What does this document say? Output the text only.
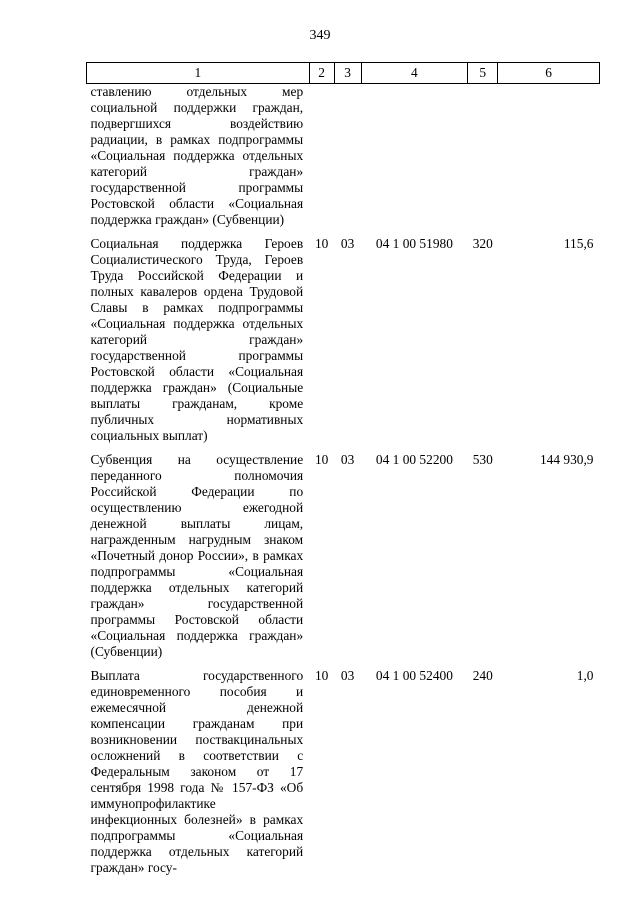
349
1	2	3	4	5	6
ставлению отдельных мер социальной поддержки граждан, подвергшихся воздействию радиации, в рамках подпрограммы «Социальная поддержка отдельных категорий граждан» государственной программы Ростовской области «Социальная поддержка граждан» (Субвенции)					
Социальная поддержка Героев Социалистического Труда, Героев Труда Российской Федерации и полных кавалеров ордена Трудовой Славы в рамках подпрограммы «Социальная поддержка отдельных категорий граждан» государственной программы Ростовской области «Социальная поддержка граждан» (Социальные выплаты гражданам, кроме публичных нормативных социальных выплат)	10	03	04 1 00 51980	320	115,6
Субвенция на осуществление переданного полномочия Российской Федерации по осуществлению ежегодной денежной выплаты лицам, награжденным нагрудным знаком «Почетный донор России», в рамках подпрограммы «Социальная поддержка отдельных категорий граждан» государственной программы Ростовской области «Социальная поддержка граждан» (Субвенции)	10	03	04 1 00 52200	530	144 930,9
Выплата государственного единовременного пособия и ежемесячной денежной компенсации гражданам при возникновении поствакцинальных осложнений в соответствии с Федеральным законом от 17 сентября 1998 года № 157-ФЗ «Об иммунопрофилактике инфекционных болезней» в рамках подпрограммы «Социальная поддержка отдельных категорий граждан» госу-	10	03	04 1 00 52400	240	1,0
